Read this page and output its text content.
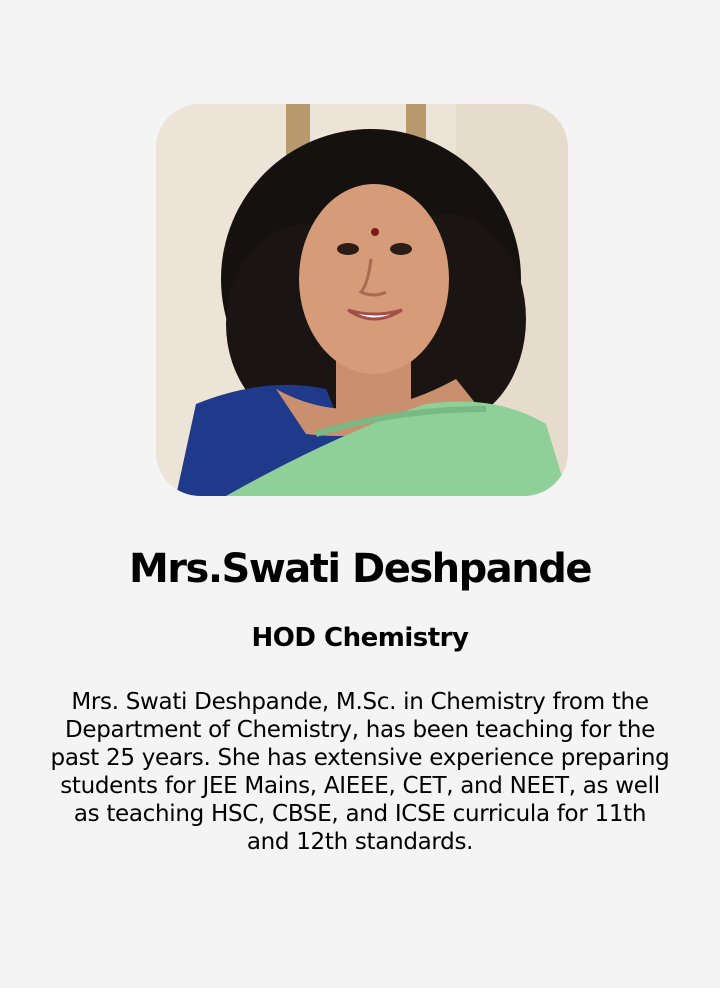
Mrs.Swati Deshpande
HOD Chemistry

Mrs. Swati Deshpande, M.Sc. in Chemistry from the Department of Chemistry, has been teaching for the past 25 years. She has extensive experience preparing students for JEE Mains, AIEEE, CET, and NEET, as well as teaching HSC, CBSE, and ICSE curricula for 11th and 12th standards.
